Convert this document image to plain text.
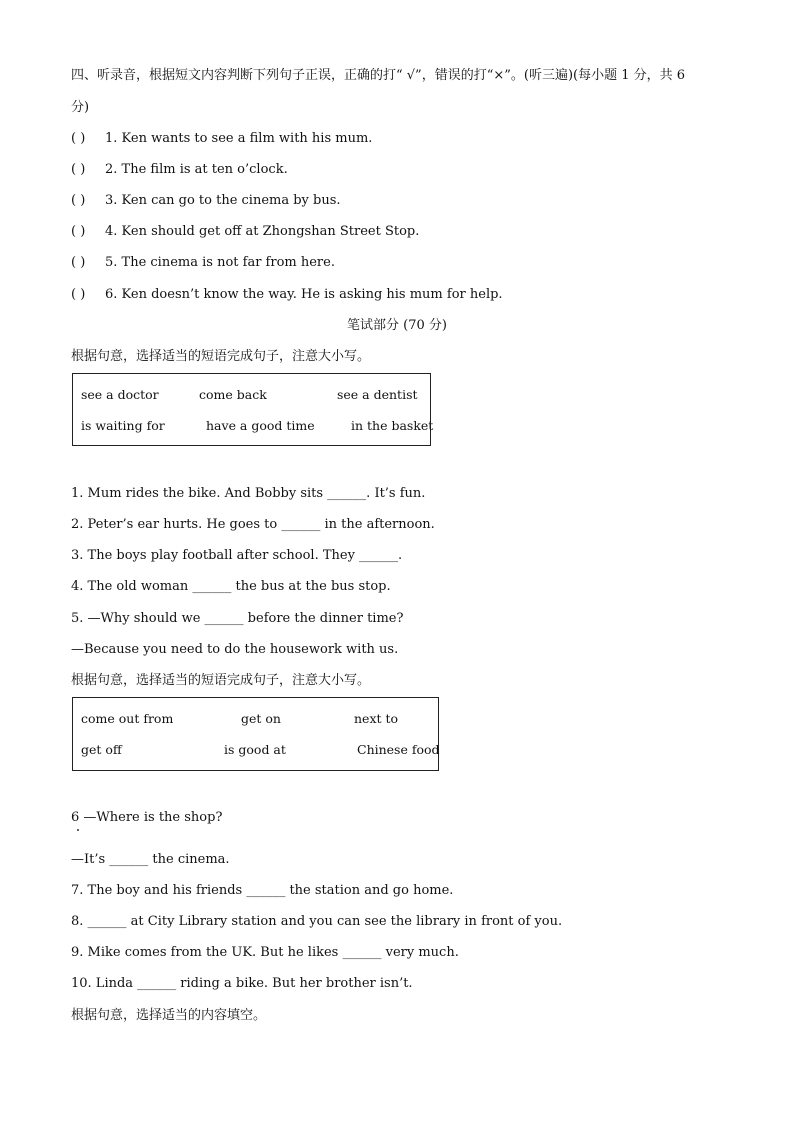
四、听录音，根据短文内容判断下列句子正误，正确的打“ √”，错误的打“×”。(听三遍)(每小题 1 分，共 6
分)
( ) 1. Ken wants to see a film with his mum.
( ) 2. The film is at ten o’clock.
( ) 3. Ken can go to the cinema by bus.
( ) 4. Ken should get off at Zhongshan Street Stop.
( ) 5. The cinema is not far from here.
( ) 6. Ken doesn’t know the way. He is asking his mum for help.
笔试部分 (70 分)
根据句意，选择适当的短语完成句子，注意大小写。
see a doctor	come back	see a dentist
is waiting for	have a good time	in the basket
1. Mum rides the bike. And Bobby sits ______. It’s fun.
2. Peter’s ear hurts. He goes to ______ in the afternoon.
3. The boys play football after school. They ______.
4. The old woman ______ the bus at the bus stop.
5. —Why should we ______ before the dinner time?
—Because you need to do the housework with us.
根据句意，选择适当的短语完成句子，注意大小写。
come out from	get on	next to
get off	is good at	Chinese food
6 —Where is the shop?
—It’s ______ the cinema.
7. The boy and his friends ______ the station and go home.
8. ______ at City Library station and you can see the library in front of you.
9. Mike comes from the UK. But he likes ______ very much.
10. Linda ______ riding a bike. But her brother isn’t.
根据句意，选择适当的内容填空。
